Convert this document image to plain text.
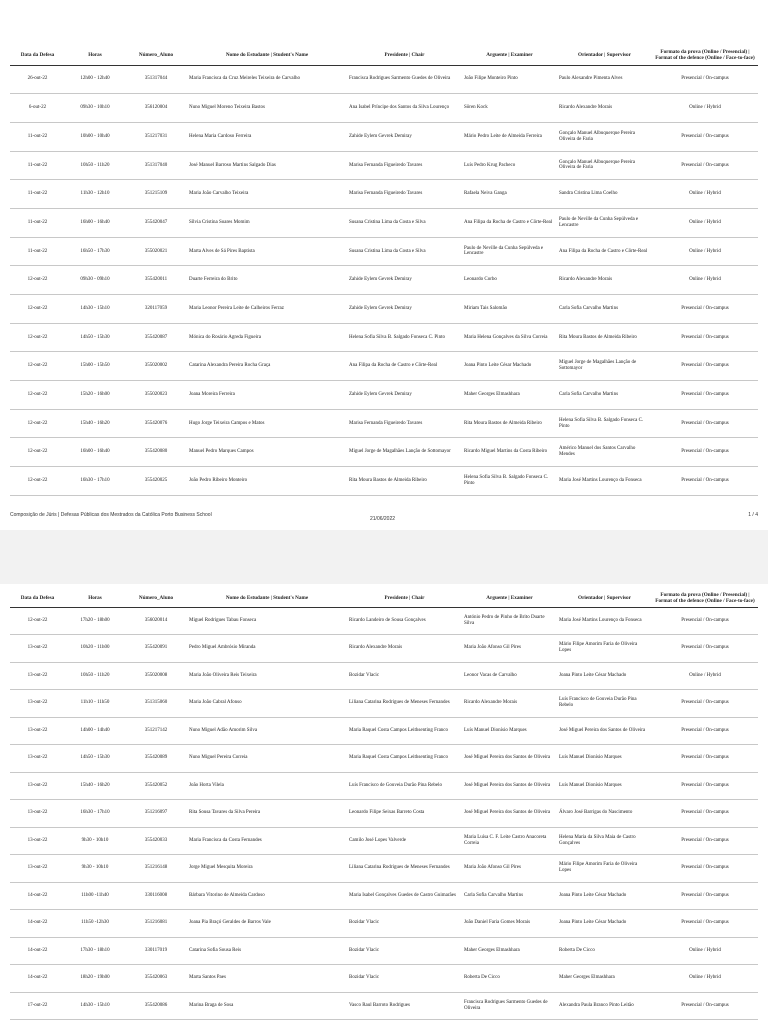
Data da Defesa	Horas	Número_Aluno	Nome do Estudante | Student's Name	Presidente | Chair	Arguente | Examiner	Orientador | Supervisor	Formato da prova (Online / Presencial) | Format of the defence (Online / Face-to-face)
26-out-22	12h00 - 12h40	351317044	Maria Francisca da Cruz Meireles Teixeira de Carvalho	Francisca Rodrigues Sarmento Guedes de Oliveira	João Filipe Monteiro Pinto	Paulo Alexandre Pimenta Alves	Presencial / On-campus
6-out-22	09h30 - 10h10	356120004	Nuno Miguel Moreno Teixeira Bastos	Ana Isabel Príncipe dos Santos da Silva Lourenço	Sören Kock	Ricardo Alexandre Morais	Online / Hybrid
11-out-22	10h00 - 10h40	351217031	Helena Maria Cardoso Ferreira	Zahide Eylem Gevrek Demiray	Mário Pedro Leite de Almeida Ferreira	Gonçalo Manuel Albuquerque Pereira Oliveira de Faria	Presencial / On-campus
11-out-22	10h50 - 11h20	351317040	José Manuel Barroso Martins Salgado Dias	Marisa Fernanda Figueiredo Tavares	Luís Pedro Krug Pacheco	Gonçalo Manuel Albuquerque Pereira Oliveira de Faria	Presencial / On-campus
11-out-22	11h30 - 12h10	351215109	Maria João Carvalho Teixeira	Marisa Fernanda Figueiredo Tavares	Rafaela Neiva Ganga	Sandra Cristina Lima Coelho	Online / Hybrid
11-out-22	16h00 - 16h40	355420047	Sílvia Cristina Soares Momim	Susana Cristina Lima da Costa e Silva	Ana Filipa da Rocha de Castro e Côrte-Real	Paulo de Neville da Cunha Sepúlveda e Lencastre	Online / Hybrid
11-out-22	16h50 - 17h30	355020021	Marta Alves de Sá Pires Baptista	Susana Cristina Lima da Costa e Silva	Paulo de Neville da Cunha Sepúlveda e Lencastre	Ana Filipa da Rocha de Castro e Côrte-Real	Online / Hybrid
12-out-22	09h30 - 09h10	355420011	Duarte Ferreira do Brito	Zahide Eylem Gevrek Demiray	Leonardo Corbo	Ricardo Alexandre Morais	Online / Hybrid
12-out-22	14h30 - 15h10	320117059	Maria Leonor Pereira Leite de Calheiros Ferraz	Zahide Eylem Gevrek Demiray	Miriam Tais Salomão	Carla Sofia Carvalho Martins	Presencial / On-campus
12-out-22	14h50 - 15h30	355420087	Mónica do Rosário Agreda Figueira	Helena Sofia Silva B. Salgado Fonseca C. Pinto	Maria Helena Gonçalves da Silva Correia	Rita Moura Bastos de Almeida Ribeiro	Presencial / On-campus
12-out-22	15h00 - 15h50	355020002	Catarina Alexandra Pereira Rocha Graça	Ana Filipa da Rocha de Castro e Côrte-Real	Joana Pinto Leite César Machado	Miguel Jorge de Magalhães Lanção de Sottomayor	Presencial / On-campus
12-out-22	15h20 - 16h00	355020023	Joana Moreira Ferreira	Zahide Eylem Gevrek Demiray	Maher Georges Elmashhara	Carla Sofia Carvalho Martins	Presencial / On-campus
12-out-22	15h40 - 16h20	355420076	Hugo Jorge Teixeira Campos e Matos	Marisa Fernanda Figueiredo Tavares	Rita Moura Bastos de Almeida Ribeiro	Helena Sofia Silva B. Salgado Fonseca C. Pinto	Presencial / On-campus
12-out-22	16h00 - 16h40	355420080	Manuel Pedro Marques Campos	Miguel Jorge de Magalhães Lanção de Sottomayor	Ricardo Miguel Martins da Costa Ribeiro	Américo Manuel dos Santos Carvalho Mendes	Presencial / On-campus
12-out-22	16h30 - 17h10	355420025	João Pedro Ribeiro Monteiro	Rita Moura Bastos de Almeida Ribeiro	Helena Sofia Silva B. Salgado Fonseca C. Pinto	Maria José Martins Lourenço da Fonseca	Presencial / On-campus
Composição de Júris | Defesas Públicas dos Mestrados da Católica Porto Business School
21/06/2022
1 / 4
Data da Defesa	Horas	Número_Aluno	Nome do Estudante | Student's Name	Presidente | Chair	Arguente | Examiner	Orientador | Supervisor	Formato da prova (Online / Presencial) | Format of the defence (Online / Face-to-face)
12-out-22	17h20 - 18h00	356020014	Miguel Rodrigues Tabau Fonseca	Ricardo Landeiro de Sousa Gonçalves	António Pedro de Pinho de Brito Duarte Silva	Maria José Martins Lourenço da Fonseca	Presencial / On-campus
13-out-22	10h20 - 11h00	355420091	Pedro Miguel Ambrósio Miranda	Ricardo Alexandre Morais	Maria João Afonso Gil Pires	Mário Filipe Amorim Faria de Oliveira Lopes	Presencial / On-campus
13-out-22	10h50 - 11h20	355020008	Maria João Oliveira Reis Teixeira	Bozidar Vlacic	Leonor Vacas de Carvalho	Joana Pinto Leite César Machado	Online / Hybrid
13-out-22	11h10 - 11h50	351315060	Maria João Cabral Afonso	Liliana Catarina Rodrigues de Meneses Fernandes	Ricardo Alexandre Morais	Luís Francisco de Gouveia Durão Pina Rebelo	Presencial / On-campus
13-out-22	14h00 - 14h40	351217142	Nuno Miguel Adão Amorim Silva	Maria Raquel Costa Campos Leithsenting Franco	Luís Manuel Dionísio Marques	José Miguel Pereira dos Santos de Oliveira	Presencial / On-campus
13-out-22	14h50 - 15h30	355420089	Nuno Miguel Pereira Correia	Maria Raquel Costa Campos Leithsenting Franco	José Miguel Pereira dos Santos de Oliveira	Luís Manuel Dionísio Marques	Presencial / On-campus
13-out-22	15h40 - 16h20	355420052	João Horta Vilela	Luís Francisco de Gouveia Durão Pina Rebelo	José Miguel Pereira dos Santos de Oliveira	Luís Manuel Dionísio Marques	Presencial / On-campus
13-out-22	16h30 - 17h10	351216097	Rita Sousa Tavares da Silva Pereira	Leonardo Filipe Seixas Barreto Costa	José Miguel Pereira dos Santos de Oliveira	Álvaro José Barrigas do Nascimento	Presencial / On-campus
13-out-22	9h30 - 10h10	355420033	Maria Francisca da Costa Fernandes	Camilo José Lopes Valverde	Maria Luísa C. F. Leite Castro Anacoreta Correia	Helena Maria da Silva Maia de Castro Gonçalves	Presencial / On-campus
13-out-22	9h30 - 10h10	351216148	Jorge Miguel Mesquita Moreira	Liliana Catarina Rodrigues de Meneses Fernandes	Maria João Afonso Gil Pires	Mário Filipe Amorim Faria de Oliveira Lopes	Presencial / On-campus
14-out-22	11h00 -11h40	330116008	Bárbara Vitorino de Almeida Cardoso	Maria Isabel Gonçalves Guedes de Castro Guimarães	Carla Sofia Carvalho Martins	Joana Pinto Leite César Machado	Presencial / On-campus
14-out-22	11h50 -12h30	351216081	Joana Pia Braçó Geraldes de Barros Vale	Bozidar Vlacic	João Daniel Faria Gomes Morais	Joana Pinto Leite César Machado	Presencial / On-campus
14-out-22	17h30 - 18h10	330117019	Catarina Sofia Sousa Reis	Bozidar Vlacic	Maher Georges Elmashhara	Roberta De Cicco	Online / Hybrid
14-out-22	18h20 - 19h00	355420063	Marta Santos Paes	Bozidar Vlacic	Roberta De Cicco	Maher Georges Elmashhara	Online / Hybrid
17-out-22	14h30 - 15h10	355420086	Marina Braga de Sosa	Vasco Raul Barroto Rodrigues	Francisca Rodrigues Sarmento Guedes de Oliveira	Alexandra Paula Branco Pinto Leitão	Presencial / On-campus
